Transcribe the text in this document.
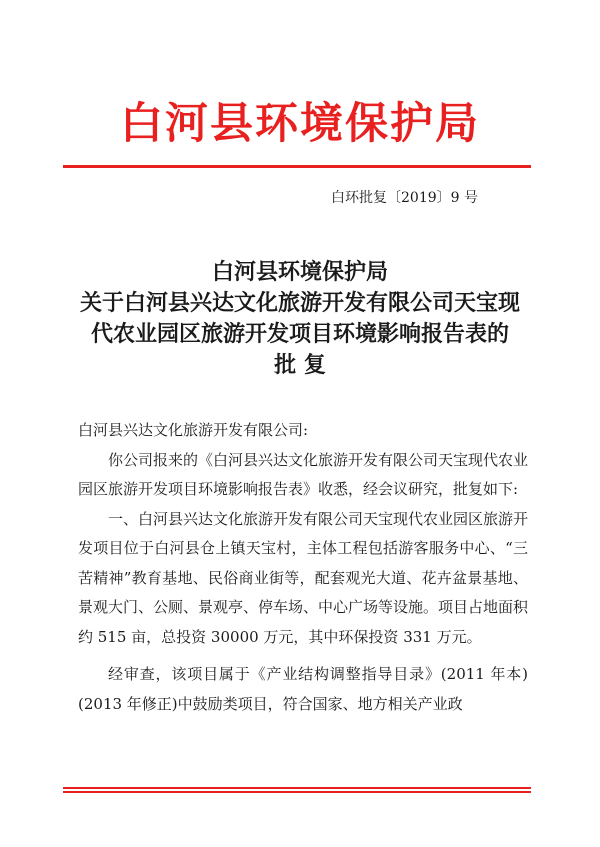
白河县环境保护局
白环批复〔2019〕9 号
白河县环境保护局
关于白河县兴达文化旅游开发有限公司天宝现
代农业园区旅游开发项目环境影响报告表的
批 复

白河县兴达文化旅游开发有限公司:

你公司报来的《白河县兴达文化旅游开发有限公司天宝现代农业园区旅游开发项目环境影响报告表》收悉，经会议研究，批复如下:

一、白河县兴达文化旅游开发有限公司天宝现代农业园区旅游开发项目位于白河县仓上镇天宝村，主体工程包括游客服务中心、“三苦精神”教育基地、民俗商业街等，配套观光大道、花卉盆景基地、景观大门、公厕、景观亭、停车场、中心广场等设施。项目占地面积约 515 亩，总投资 30000 万元，其中环保投资 331 万元。

经审查，该项目属于《产业结构调整指导目录》(2011 年本)(2013 年修正)中鼓励类项目，符合国家、地方相关产业政
